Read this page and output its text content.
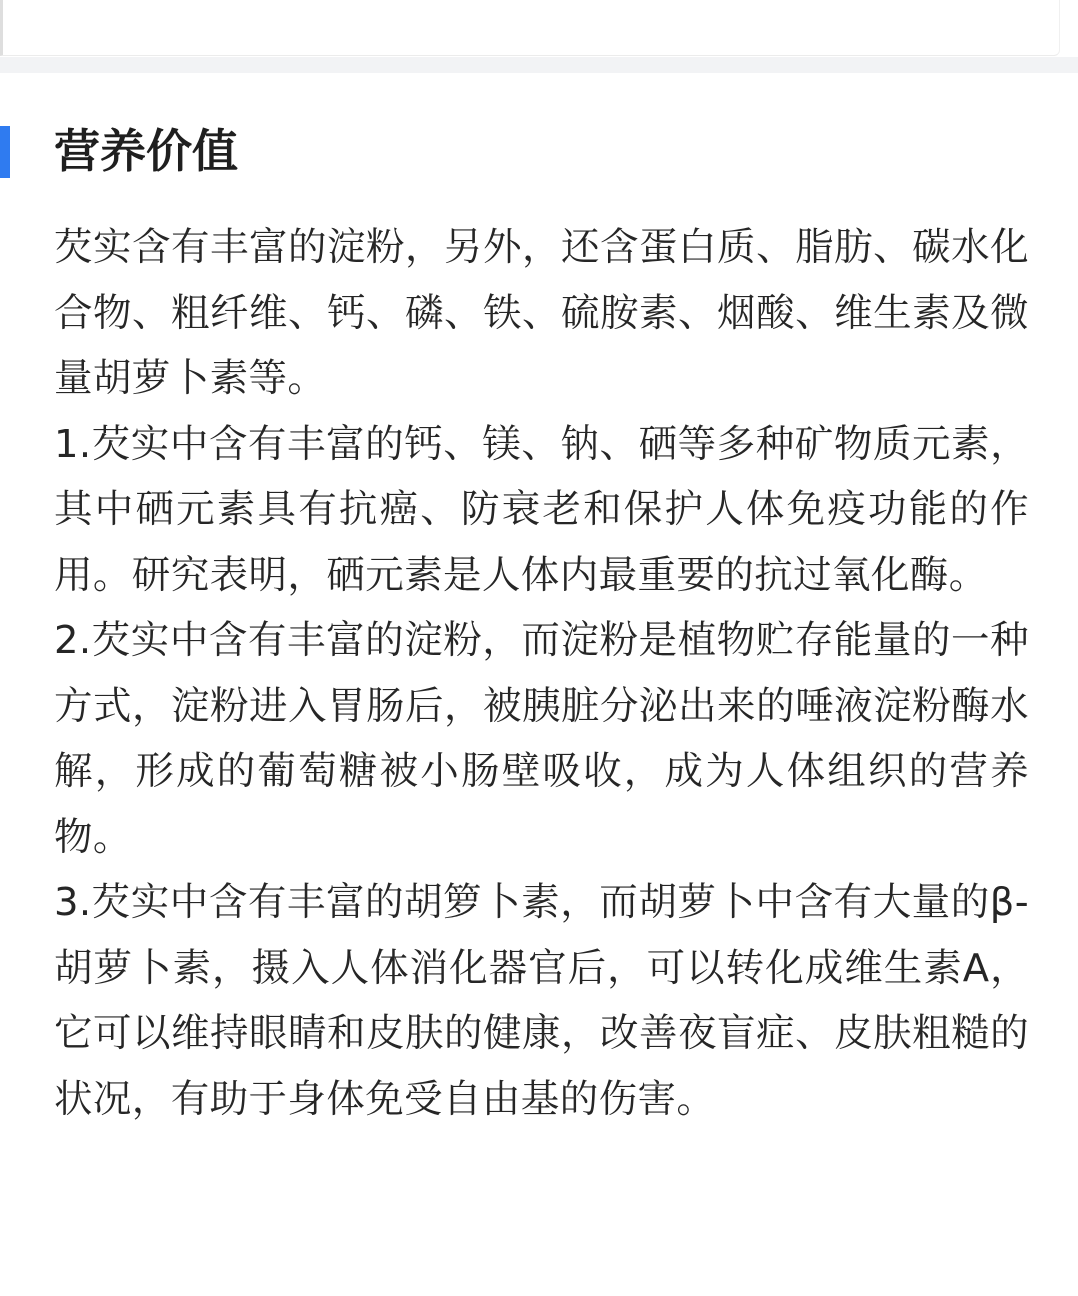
营养价值

芡实含有丰富的淀粉，另外，还含蛋白质、脂肪、碳水化合物、粗纤维、钙、磷、铁、硫胺素、烟酸、维生素及微量胡萝卜素等。

1.芡实中含有丰富的钙、镁、钠、硒等多种矿物质元素，其中硒元素具有抗癌、防衰老和保护人体免疫功能的作用。研究表明，硒元素是人体内最重要的抗过氧化酶。

2.芡实中含有丰富的淀粉，而淀粉是植物贮存能量的一种方式，淀粉进入胃肠后，被胰脏分泌出来的唾液淀粉酶水解，形成的葡萄糖被小肠壁吸收，成为人体组织的营养物。

3.芡实中含有丰富的胡箩卜素，而胡萝卜中含有大量的β-胡萝卜素，摄入人体消化器官后，可以转化成维生素A，它可以维持眼睛和皮肤的健康，改善夜盲症、皮肤粗糙的状况，有助于身体免受自由基的伤害。
